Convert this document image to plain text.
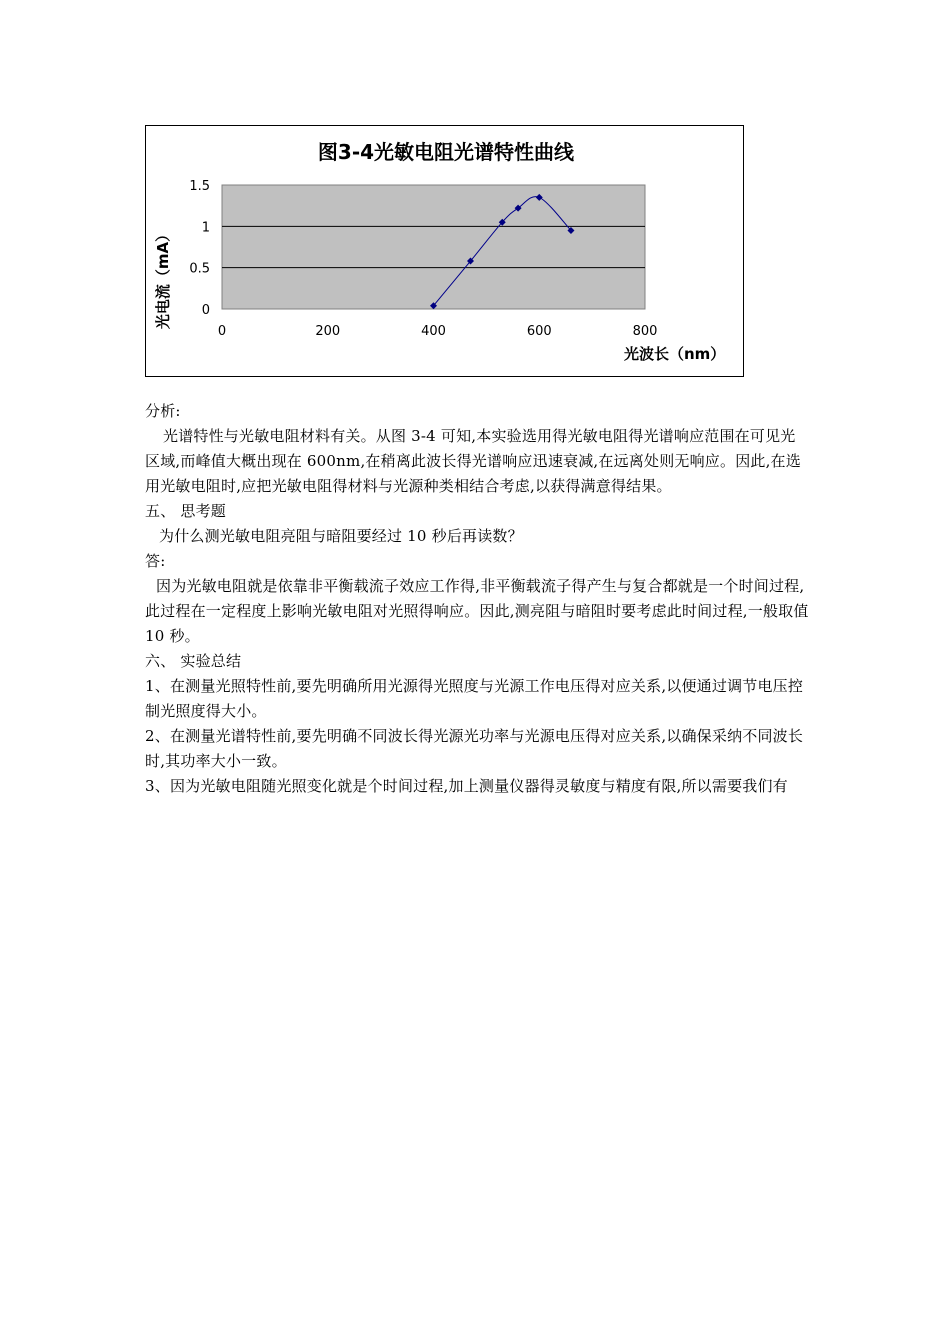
图3-4光敏电阻光谱特性曲线
0
0.5
1
1.5
0	200	400	600	800
光波长（nm）
光电流（mA）

分析:

光谱特性与光敏电阻材料有关。从图 3-4 可知,本实验选用得光敏电阻得光谱响应范围在可见光区域,而峰值大概出现在 600nm,在稍离此波长得光谱响应迅速衰减,在远离处则无响应。因此,在选用光敏电阻时,应把光敏电阻得材料与光源种类相结合考虑,以获得满意得结果。

五、 思考题

为什么测光敏电阻亮阻与暗阻要经过 10 秒后再读数？

答:

因为光敏电阻就是依靠非平衡载流子效应工作得,非平衡载流子得产生与复合都就是一个时间过程,此过程在一定程度上影响光敏电阻对光照得响应。因此,测亮阻与暗阻时要考虑此时间过程,一般取值 10 秒。

六、 实验总结

1、在测量光照特性前,要先明确所用光源得光照度与光源工作电压得对应关系,以便通过调节电压控制光照度得大小。

2、在测量光谱特性前,要先明确不同波长得光源光功率与光源电压得对应关系,以确保采纳不同波长时,其功率大小一致。

3、因为光敏电阻随光照变化就是个时间过程,加上测量仪器得灵敏度与精度有限,所以需要我们有
